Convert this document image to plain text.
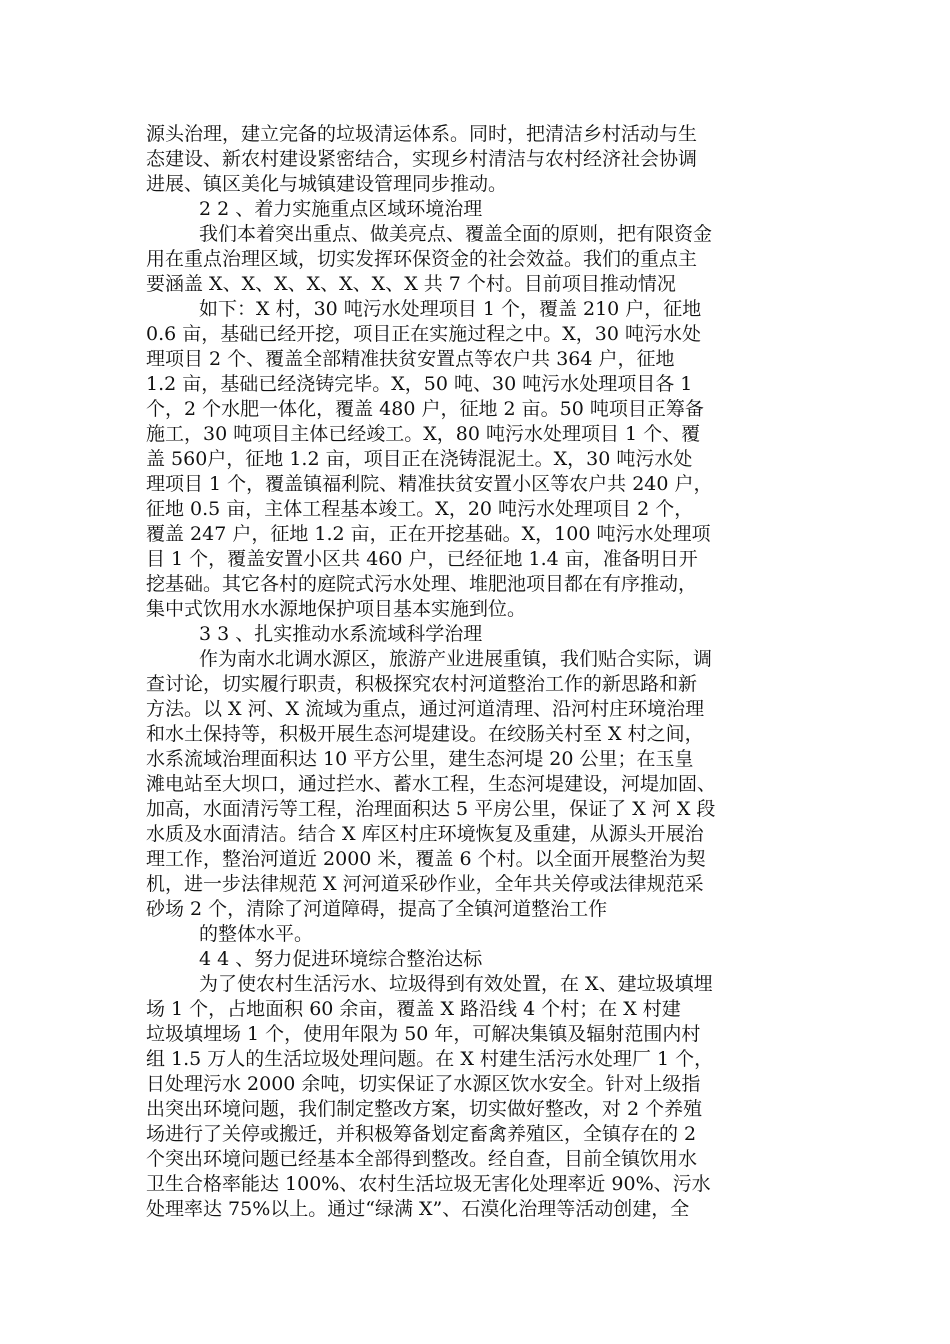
源头治理，建立完备的垃圾清运体系。同时，把清洁乡村活动与生
态建设、新农村建设紧密结合，实现乡村清洁与农村经济社会协调
进展、镇区美化与城镇建设管理同步推动。
2 2 、着力实施重点区域环境治理
我们本着突出重点、做美亮点、覆盖全面的原则，把有限资金
用在重点治理区域，切实发挥环保资金的社会效益。我们的重点主
要涵盖 X、X、X、X、X、X、X 共 7 个村。目前项目推动情况
如下：X 村，30 吨污水处理项目 1 个，覆盖 210 户，征地
0.6 亩，基础已经开挖，项目正在实施过程之中。X，30 吨污水处
理项目 2 个、覆盖全部精准扶贫安置点等农户共 364 户，征地
1.2 亩，基础已经浇铸完毕。X，50 吨、30 吨污水处理项目各 1
个，2 个水肥一体化，覆盖 480 户，征地 2 亩。50 吨项目正筹备
施工，30 吨项目主体已经竣工。X，80 吨污水处理项目 1 个、覆
盖 560户，征地 1.2 亩，项目正在浇铸混泥土。X，30 吨污水处
理项目 1 个，覆盖镇福利院、精准扶贫安置小区等农户共 240 户，
征地 0.5 亩，主体工程基本竣工。X，20 吨污水处理项目 2 个，
覆盖 247 户，征地 1.2 亩，正在开挖基础。X，100 吨污水处理项
目 1 个，覆盖安置小区共 460 户，已经征地 1.4 亩，准备明日开
挖基础。其它各村的庭院式污水处理、堆肥池项目都在有序推动，
集中式饮用水水源地保护项目基本实施到位。
3 3 、扎实推动水系流域科学治理
作为南水北调水源区，旅游产业进展重镇，我们贴合实际，调
查讨论，切实履行职责，积极探究农村河道整治工作的新思路和新
方法。以 X 河、X 流域为重点，通过河道清理、沿河村庄环境治理
和水土保持等，积极开展生态河堤建设。在绞肠关村至 X 村之间，
水系流域治理面积达 10 平方公里，建生态河堤 20 公里；在玉皇
滩电站至大坝口，通过拦水、蓄水工程，生态河堤建设，河堤加固、
加高，水面清污等工程，治理面积达 5 平房公里，保证了 X 河 X 段
水质及水面清洁。结合 X 库区村庄环境恢复及重建，从源头开展治
理工作，整治河道近 2000 米，覆盖 6 个村。以全面开展整治为契
机，进一步法律规范 X 河河道采砂作业，全年共关停或法律规范采
砂场 2 个，清除了河道障碍，提高了全镇河道整治工作
的整体水平。
4 4 、努力促进环境综合整治达标
为了使农村生活污水、垃圾得到有效处置，在 X、建垃圾填埋
场 1 个，占地面积 60 余亩，覆盖 X 路沿线 4 个村；在 X 村建
垃圾填埋场 1 个，使用年限为 50 年，可解决集镇及辐射范围内村
组 1.5 万人的生活垃圾处理问题。在 X 村建生活污水处理厂 1 个，
日处理污水 2000 余吨，切实保证了水源区饮水安全。针对上级指
出突出环境问题，我们制定整改方案，切实做好整改，对 2 个养殖
场进行了关停或搬迁，并积极筹备划定畜禽养殖区，全镇存在的 2
个突出环境问题已经基本全部得到整改。经自查，目前全镇饮用水
卫生合格率能达 100%、农村生活垃圾无害化处理率近 90%、污水
处理率达 75%以上。通过“绿满 X”、石漠化治理等活动创建，全
